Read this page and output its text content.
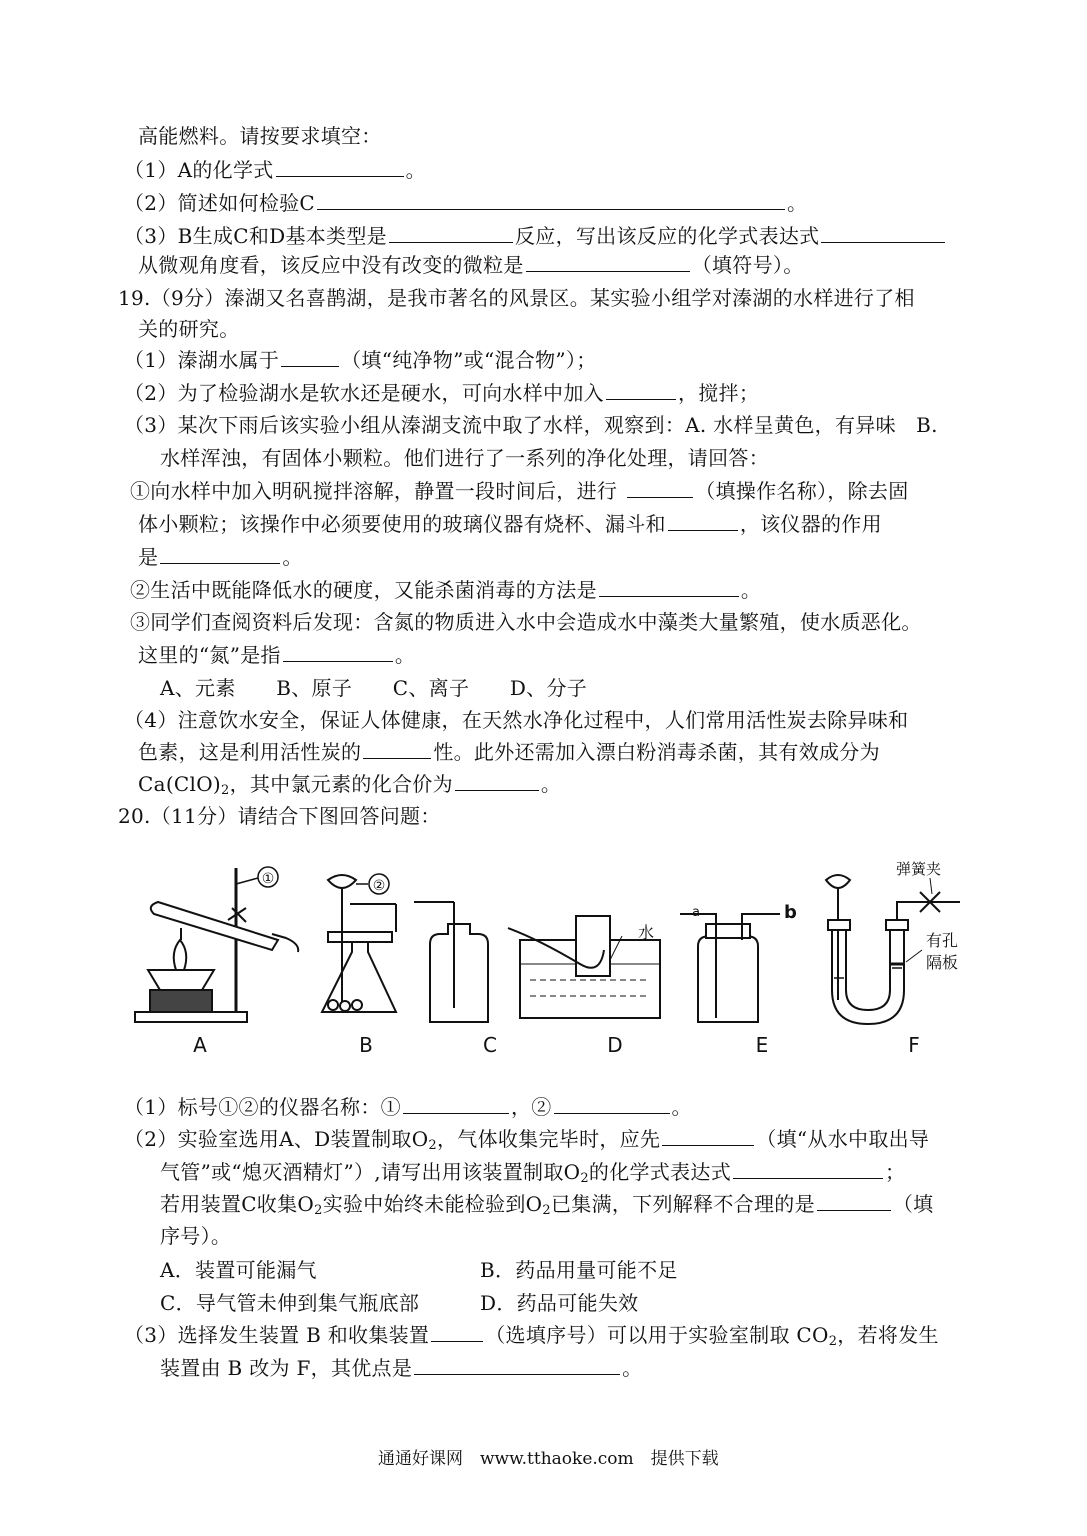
高能燃料。请按要求填空：
（1）A的化学式	。
（2）简述如何检验C	。
（3）B生成C和D基本类型是	反应，写出该反应的化学式表达式
从微观角度看，该反应中没有改变的微粒是	（填符号）。
19.（9分）溱湖又名喜鹊湖，是我市著名的风景区。某实验小组学对溱湖的水样进行了相
关的研究。
（1）溱湖水属于	（填“纯净物”或“混合物”）；
（2）为了检验湖水是软水还是硬水，可向水样中加入	，搅拌；
（3）某次下雨后该实验小组从溱湖支流中取了水样，观察到：A. 水样呈黄色，有异味　B.
水样浑浊，有固体小颗粒。他们进行了一系列的净化处理，请回答：
①向水样中加入明矾搅拌溶解，静置一段时间后，进行	（填操作名称），除去固
体小颗粒；该操作中必须要使用的玻璃仪器有烧杯、漏斗和	，该仪器的作用
是	。
②生活中既能降低水的硬度，又能杀菌消毒的方法是	。
③同学们查阅资料后发现：含氮的物质进入水中会造成水中藻类大量繁殖，使水质恶化。
这里的“氮”是指	。
A、元素　　B、原子　　C、离子　　D、分子
（4）注意饮水安全，保证人体健康，在天然水净化过程中，人们常用活性炭去除异味和
色素，这是利用活性炭的	性。此外还需加入漂白粉消毒杀菌，其有效成分为
$Ca(ClO)_2$，其中氯元素的化合价为	。
20.（11分）请结合下图回答问题：
①	②
水
a	b
弹簧夹
有孔
隔板
A	B	C	D	E	F
（1）标号①②的仪器名称：①	，②	。
（2）实验室选用A、D装置制取$O_2$，气体收集完毕时，应先	（填“从水中取出导
气管”或“熄灭酒精灯”）,请写出用该装置制取$O_2$的化学式表达式	；
若用装置C收集$O_2$实验中始终未能检验到$O_2$已集满，下列解释不合理的是	（填
序号）。
A．装置可能漏气	B．药品用量可能不足
C．导气管未伸到集气瓶底部	D．药品可能失效
（3）选择发生装置 B 和收集装置	（选填序号）可以用于实验室制取 $CO_2$，若将发生
装置由 B 改为 F，其优点是	。
通通好课网　www.tthaoke.com　提供下载
